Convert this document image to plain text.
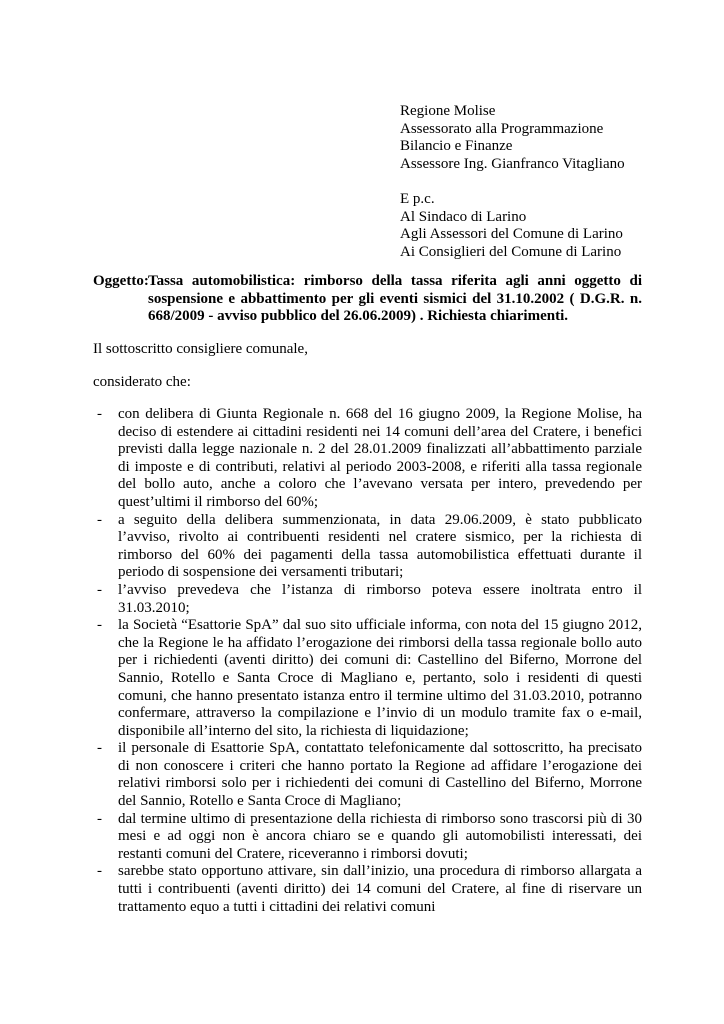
Regione Molise
Assessorato alla Programmazione
Bilancio e Finanze
Assessore Ing. Gianfranco Vitagliano
E p.c.
Al Sindaco di Larino
Agli Assessori del Comune di Larino
Ai Consiglieri del Comune di Larino
Oggetto: Tassa automobilistica: rimborso della tassa riferita agli anni oggetto di sospensione e abbattimento per gli eventi sismici del 31.10.2002 ( D.G.R. n. 668/2009 - avviso pubblico del 26.06.2009) . Richiesta chiarimenti.
Il sottoscritto consigliere comunale,
considerato che:
-	con delibera di Giunta Regionale n. 668 del 16 giugno 2009, la Regione Molise, ha deciso di estendere ai cittadini residenti nei 14 comuni dell’area del Cratere, i benefici previsti dalla legge nazionale n. 2 del 28.01.2009 finalizzati all’abbattimento parziale di imposte e di contributi, relativi al periodo 2003-2008, e riferiti alla tassa regionale del bollo auto, anche a coloro che l’avevano versata per intero, prevedendo per quest’ultimi il rimborso del 60%;
-	a seguito della delibera summenzionata, in data 29.06.2009, è stato pubblicato l’avviso, rivolto ai contribuenti residenti nel cratere sismico, per la richiesta di rimborso del 60% dei pagamenti della tassa automobilistica effettuati durante il periodo di sospensione dei versamenti tributari;
-	l’avviso prevedeva che l’istanza di rimborso poteva essere inoltrata entro il 31.03.2010;
-	la Società “Esattorie SpA” dal suo sito ufficiale informa, con nota del 15 giugno 2012, che la Regione le ha affidato l’erogazione dei rimborsi della tassa regionale bollo auto per i richiedenti (aventi diritto) dei comuni di: Castellino del Biferno, Morrone del Sannio, Rotello e Santa Croce di Magliano e, pertanto, solo i residenti di questi comuni, che hanno presentato istanza entro il termine ultimo del 31.03.2010, potranno confermare, attraverso la compilazione e l’invio di un modulo tramite fax o e-mail, disponibile all’interno del sito, la richiesta di liquidazione;
-	il personale di Esattorie SpA, contattato telefonicamente dal sottoscritto, ha precisato di non conoscere i criteri che hanno portato la Regione ad affidare l’erogazione dei relativi rimborsi solo per i richiedenti dei comuni di Castellino del Biferno, Morrone del Sannio, Rotello e Santa Croce di Magliano;
-	dal termine ultimo di presentazione della richiesta di rimborso sono trascorsi più di 30 mesi e ad oggi non è ancora chiaro se e quando gli automobilisti interessati, dei restanti comuni del Cratere, riceveranno i rimborsi dovuti;
-	sarebbe stato opportuno attivare, sin dall’inizio, una procedura di rimborso allargata a tutti i contribuenti (aventi diritto) dei 14 comuni del Cratere, al fine di riservare un trattamento equo a tutti i cittadini dei relativi comuni
